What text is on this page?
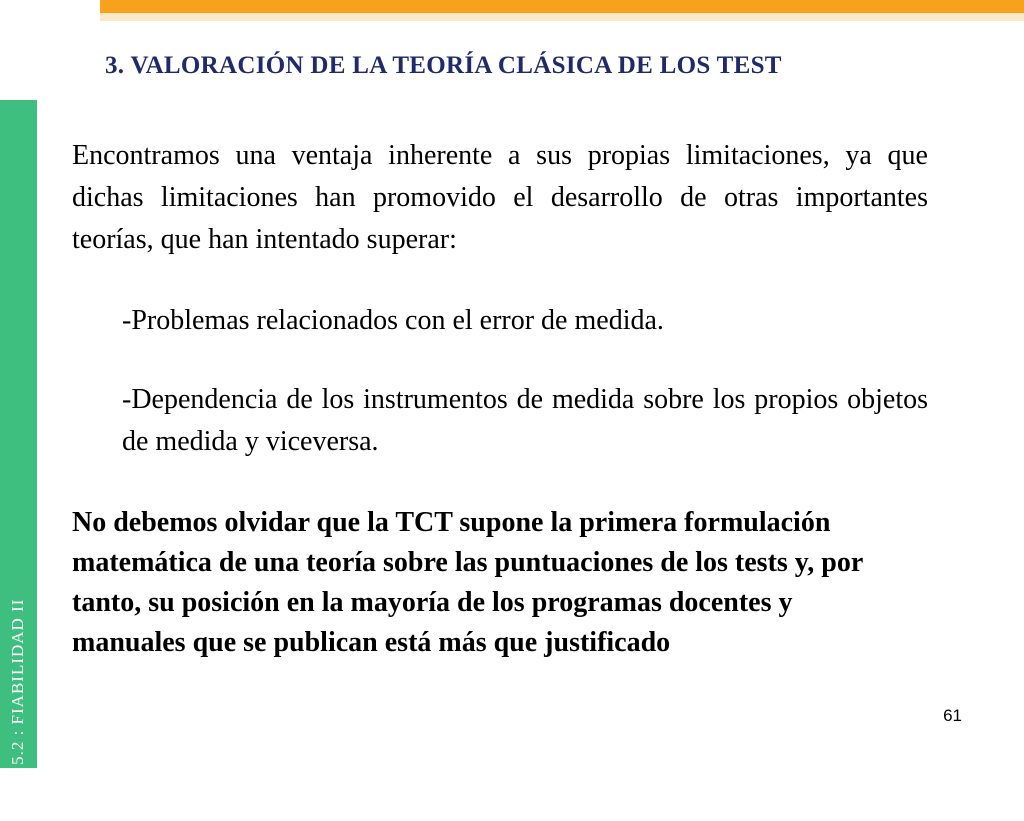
TEMA 5.2 : FIABILIDAD II
3. VALORACIÓN DE LA TEORÍA CLÁSICA DE LOS TEST
Encontramos una ventaja inherente a sus propias limitaciones, ya que dichas limitaciones han promovido el desarrollo de otras importantes teorías, que han intentado superar:
-Problemas relacionados con el error de medida.
-Dependencia de los instrumentos de medida sobre los propios objetos de medida y viceversa.
No debemos olvidar que la TCT supone la primera formulación matemática de una teoría sobre las puntuaciones de los tests y, por tanto, su posición en la mayoría de los programas docentes y manuales que se publican está más que justificado
61
